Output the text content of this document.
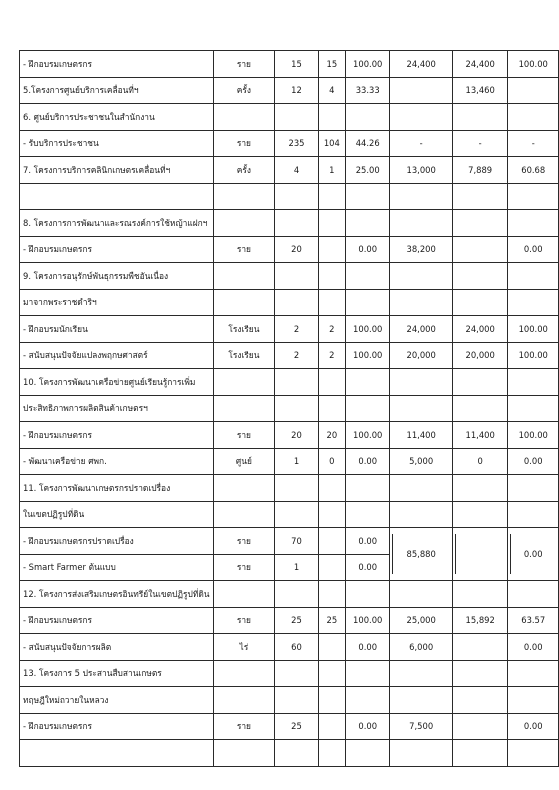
- ฝึกอบรมเกษตรกร	ราย	15	15	100.00	24,400	24,400	100.00
5.โครงการศูนย์บริการเคลื่อนที่ฯ	ครั้ง	12	4	33.33		13,460	
6. ศูนย์บริการประชาชนในสำนักงาน							
- รับบริการประชาชน	ราย	235	104	44.26	-	-	-
7. โครงการบริการคลินิกเกษตรเคลื่อนที่ฯ	ครั้ง	4	1	25.00	13,000	7,889	60.68

8. โครงการการพัฒนาและรณรงค์การใช้หญ้าแฝกฯ							
- ฝึกอบรมเกษตรกร	ราย	20		0.00	38,200		0.00
9. โครงการอนุรักษ์พันธุกรรมพืชอันเนื่อง							
มาจากพระราชดำริฯ							
- ฝึกอบรมนักเรียน	โรงเรียน	2	2	100.00	24,000	24,000	100.00
- สนับสนุนปัจจัยแปลงพฤกษศาสตร์	โรงเรียน	2	2	100.00	20,000	20,000	100.00
10. โครงการพัฒนาเครือข่ายศูนย์เรียนรู้การเพิ่ม							
ประสิทธิภาพการผลิตสินค้าเกษตรฯ							
- ฝึกอบรมเกษตรกร	ราย	20	20	100.00	11,400	11,400	100.00
- พัฒนาเครือข่าย ศพก.	ศูนย์	1	0	0.00	5,000	0	0.00
11. โครงการพัฒนาเกษตรกรปราดเปรื่อง							
ในเขตปฏิรูปที่ดิน							
- ฝึกอบรมเกษตรกรปราดเปรื่อง	ราย	70		0.00	85,880		0.00

- Smart Farmer ต้นแบบ	ราย	1		0.00			
12. โครงการส่งเสริมเกษตรอินทรีย์ในเขตปฏิรูปที่ดิน							
- ฝึกอบรมเกษตรกร	ราย	25	25	100.00	25,000	15,892	63.57
- สนับสนุนปัจจัยการผลิต	ไร่	60		0.00	6,000		0.00
13. โครงการ 5 ประสานสืบสานเกษตร							
ทฤษฎีใหม่ถวายในหลวง							
- ฝึกอบรมเกษตรกร	ราย	25		0.00	7,500		0.00
